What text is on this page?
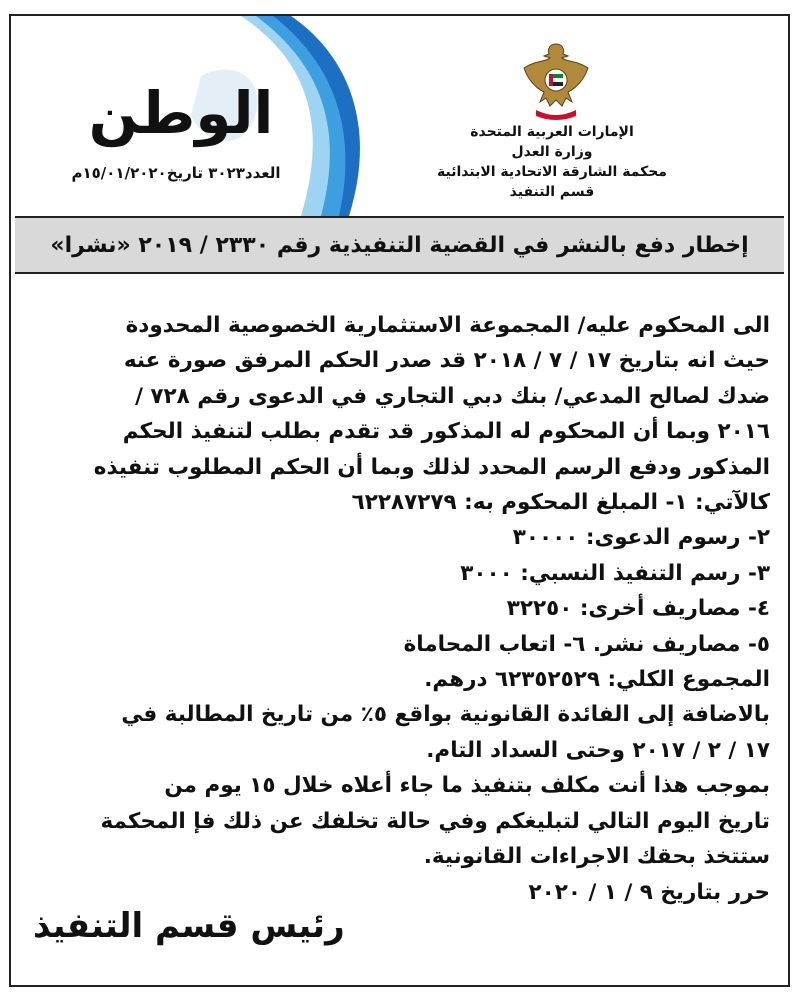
الإمارات العربية المتحدة
وزارة العدل
محكمة الشارقة الاتحادية الابتدائية
قسم التنفيذ
الوطن
العدد٣٠٢٣ تاريخ١٥/٠١/٢٠٢٠م
إخطار دفع بالنشر في القضية التنفيذية رقم ٢٣٣٠ / ٢٠١٩ «نشرا»

الى المحكوم عليه/ المجموعة الاستثمارية الخصوصية المحدودة

حيث انه بتاريخ ١٧ / ٧ / ٢٠١٨ قد صدر الحكم المرفق صورة عنه

ضدك لصالح المدعي/ بنك دبي التجاري في الدعوى رقم ٧٢٨ /

٢٠١٦ وبما أن المحكوم له المذكور قد تقدم بطلب لتنفيذ الحكم

المذكور ودفع الرسم المحدد لذلك وبما أن الحكم المطلوب تنفيذه

كالآتي: ١- المبلغ المحكوم به: ٦٢٢٨٧٢٧٩

٢- رسوم الدعوى: ٣٠٠٠٠

٣- رسم التنفيذ النسبي: ٣٠٠٠

٤- مصاريف أخرى: ٣٢٢٥٠

٥- مصاريف نشر. ٦- اتعاب المحاماة

المجموع الكلي: ٦٢٣٥٢٥٢٩ درهم.

بالاضافة إلى الفائدة القانونية بواقع ٥٪ من تاريخ المطالبة في

١٧ / ٢ / ٢٠١٧ وحتى السداد التام.

بموجب هذا أنت مكلف بتنفيذ ما جاء أعلاه خلال ١٥ يوم من

تاريخ اليوم التالي لتبليغكم وفي حالة تخلفك عن ذلك فإ المحكمة

ستتخذ بحقك الاجراءات القانونية.

حرر بتاريخ ٩ / ١ / ٢٠٢٠

رئيس قسم التنفيذ
